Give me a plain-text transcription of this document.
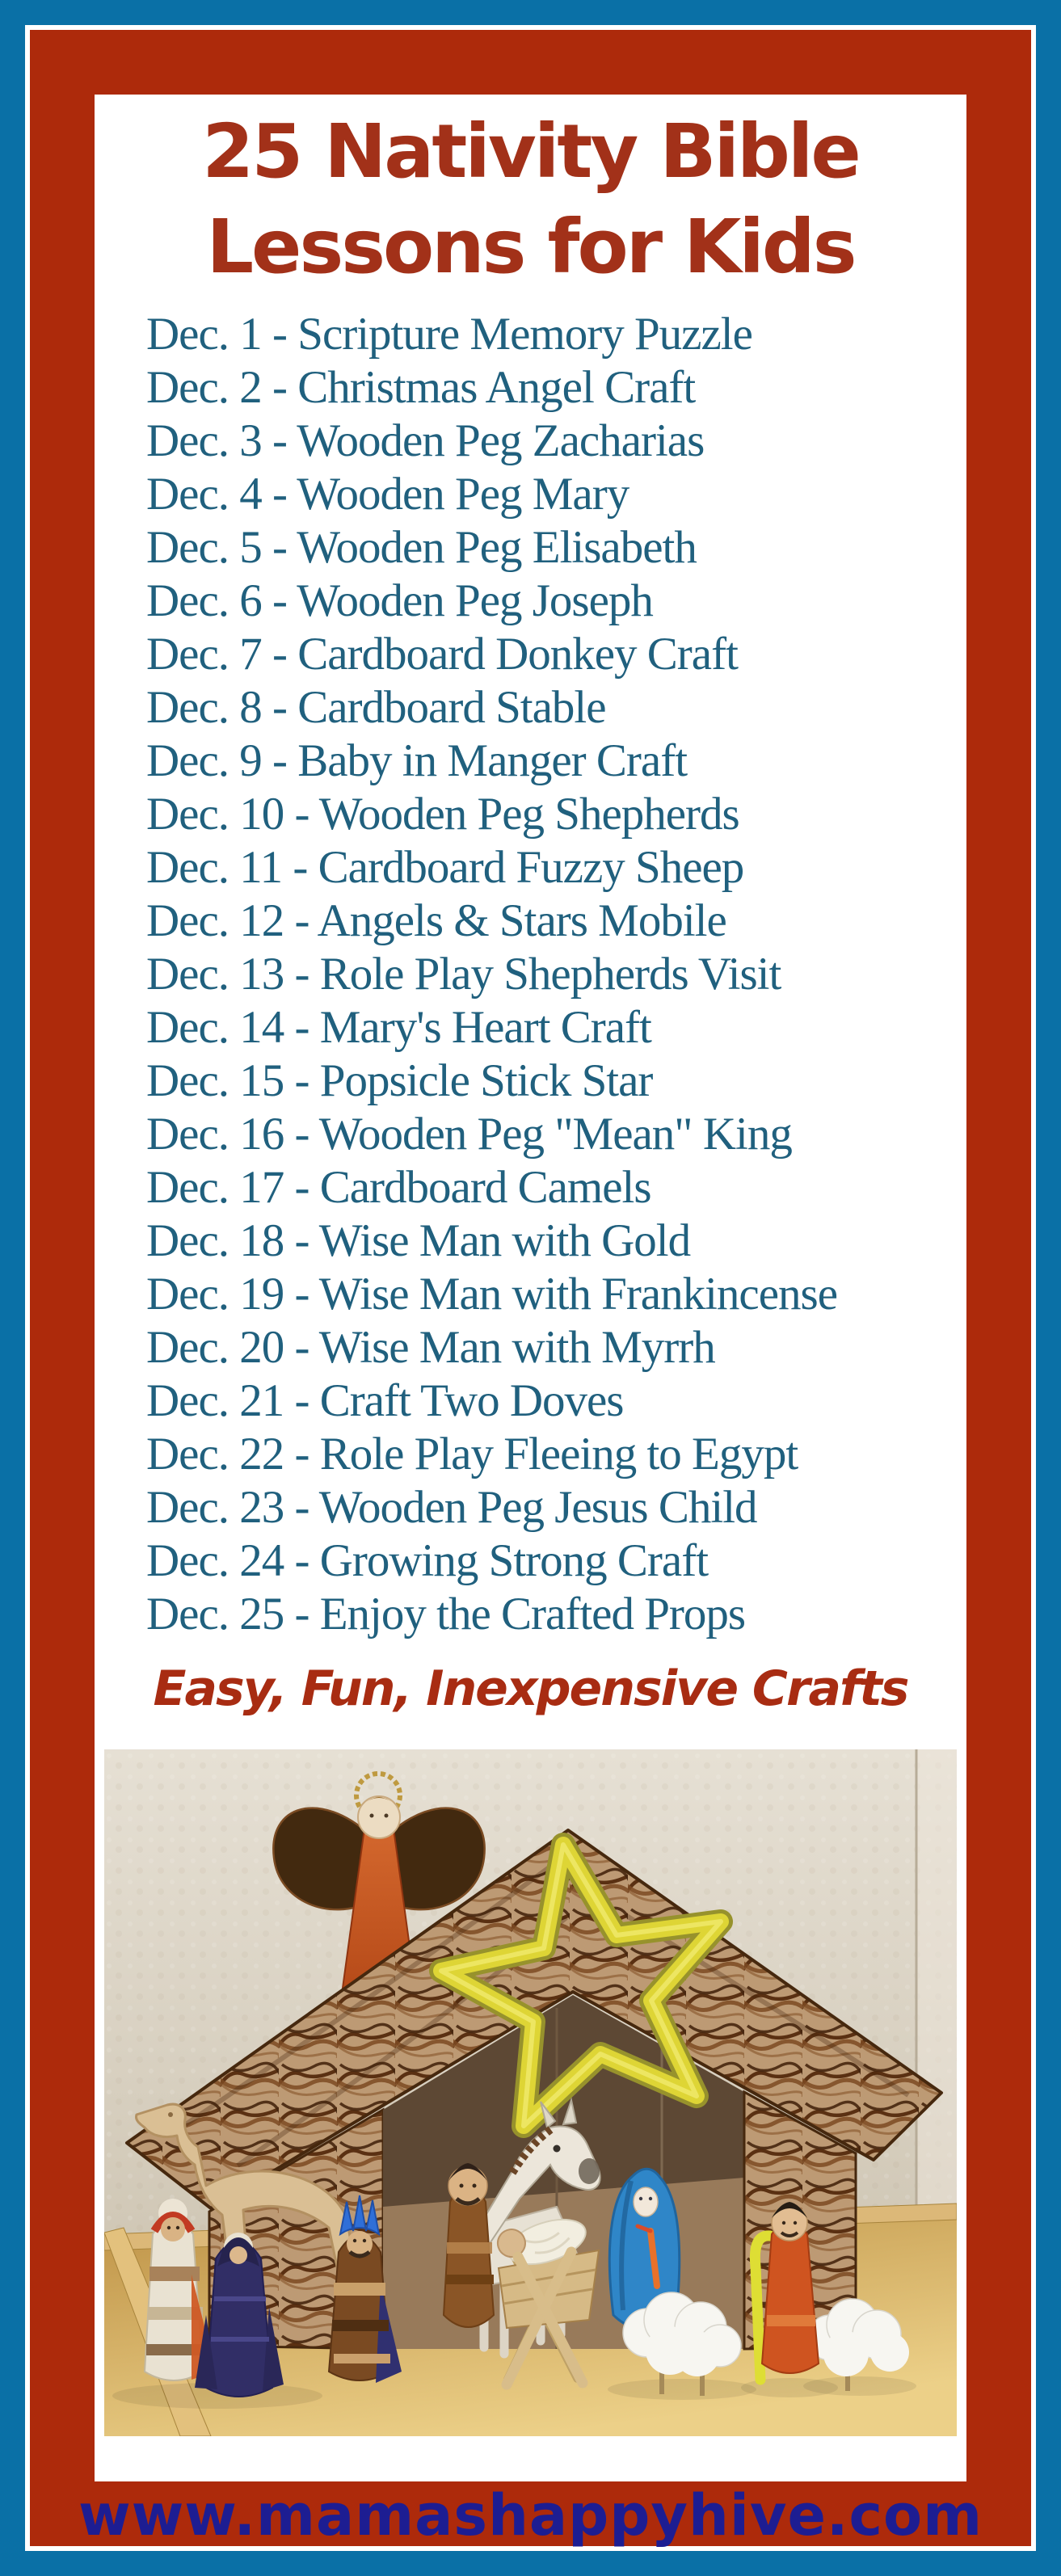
25 Nativity Bible
Lessons for Kids
Dec. 1 - Scripture Memory Puzzle
Dec. 2 - Christmas Angel Craft
Dec. 3 - Wooden Peg Zacharias
Dec. 4 - Wooden Peg Mary
Dec. 5 - Wooden Peg Elisabeth
Dec. 6 - Wooden Peg Joseph
Dec. 7 - Cardboard Donkey Craft
Dec. 8 - Cardboard Stable
Dec. 9 - Baby in Manger Craft
Dec. 10 - Wooden Peg Shepherds
Dec. 11 - Cardboard Fuzzy Sheep
Dec. 12 - Angels & Stars Mobile
Dec. 13 - Role Play Shepherds Visit
Dec. 14 - Mary's Heart Craft
Dec. 15 - Popsicle Stick Star
Dec. 16 - Wooden Peg "Mean" King
Dec. 17 - Cardboard Camels
Dec. 18 - Wise Man with Gold
Dec. 19 - Wise Man with Frankincense
Dec. 20 - Wise Man with Myrrh
Dec. 21 - Craft Two Doves
Dec. 22 - Role Play Fleeing to Egypt
Dec. 23 - Wooden Peg Jesus Child
Dec. 24 - Growing Strong Craft
Dec. 25 - Enjoy the Crafted Props
Easy, Fun, Inexpensive Crafts
www.mamashappyhive.com
